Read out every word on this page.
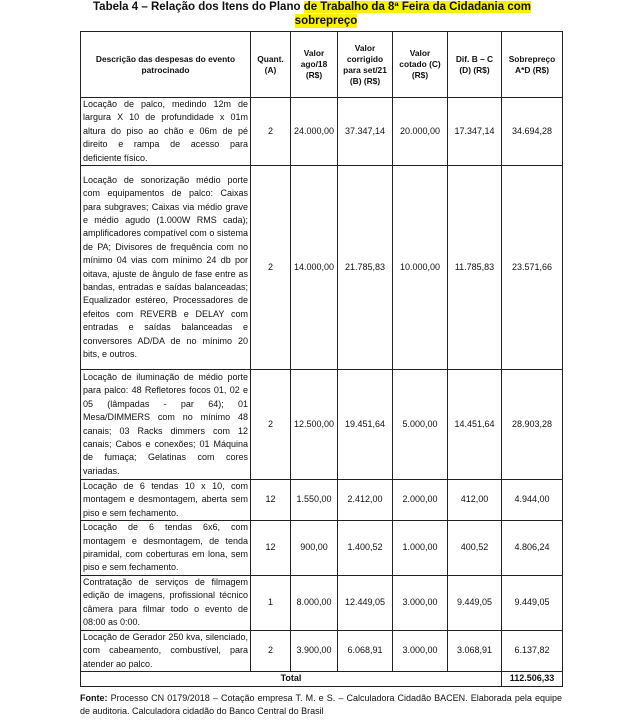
Tabela 4 – Relação dos Itens do Plano de Trabalho da 8ª Feira da Cidadania com
sobrepreço
Descrição das despesas do evento patrocinado	Quant. (A)	Valor ago/18 (R$)	Valor corrigido para set/21 (B) (R$)	Valor cotado (C) (R$)	Dif. B – C (D) (R$)	Sobrepreço A*D (R$)
Locação de palco, medindo 12m de largura X 10 de profundidade x 01m altura do piso ao chão e 06m de pé direito e rampa de acesso para deficiente físico.	2	24.000,00	37.347,14	20.000,00	17.347,14	34.694,28
Locação de sonorização médio porte com equipamentos de palco: Caixas para subgraves; Caixas via médio grave e médio agudo (1.000W RMS cada); amplificadores compatível com o sistema de PA; Divisores de frequência com no mínimo 04 vias com mínimo 24 db por oitava, ajuste de ângulo de fase entre as bandas, entradas e saídas balanceadas; Equalizador estéreo, Processadores de efeitos com REVERB e DELAY com entradas e saídas balanceadas e conversores AD/DA de no mínimo 20 bits, e outros.	2	14.000,00	21.785,83	10.000,00	11.785,83	23.571,66
Locação de iluminação de médio porte para palco: 48 Refletores focos 01, 02 e 05 (lâmpadas - par 64); 01 Mesa/DIMMERS com no mínimo 48 canais; 03 Racks dimmers com 12 canais; Cabos e conexões; 01 Máquina de fumaça; Gelatinas com cores variadas.	2	12.500,00	19.451,64	5.000,00	14.451,64	28.903,28
Locação de 6 tendas 10 x 10, com montagem e desmontagem, aberta sem piso e sem fechamento.	12	1.550,00	2.412,00	2.000,00	412,00	4.944,00
Locação de 6 tendas 6x6, com montagem e desmontagem, de tenda piramidal, com coberturas em lona, sem piso e sem fechamento.	12	900,00	1.400,52	1.000,00	400,52	4.806,24
Contratação de serviços de filmagem edição de imagens, profissional técnico câmera para filmar todo o evento de 08:00 as 0:00.	1	8.000,00	12.449,05	3.000,00	9.449,05	9.449,05
Locação de Gerador 250 kva, silenciado, com cabeamento, combustível, para atender ao palco.	2	3.900,00	6.068,91	3.000,00	3.068,91	6.137,82
Total						112.506,33
Fonte: Processo CN 0179/2018 – Cotação empresa T. M. e S. – Calculadora Cidadão BACEN. Elaborada pela equipe de auditoria. Calculadora cidadão do Banco Central do Brasil
